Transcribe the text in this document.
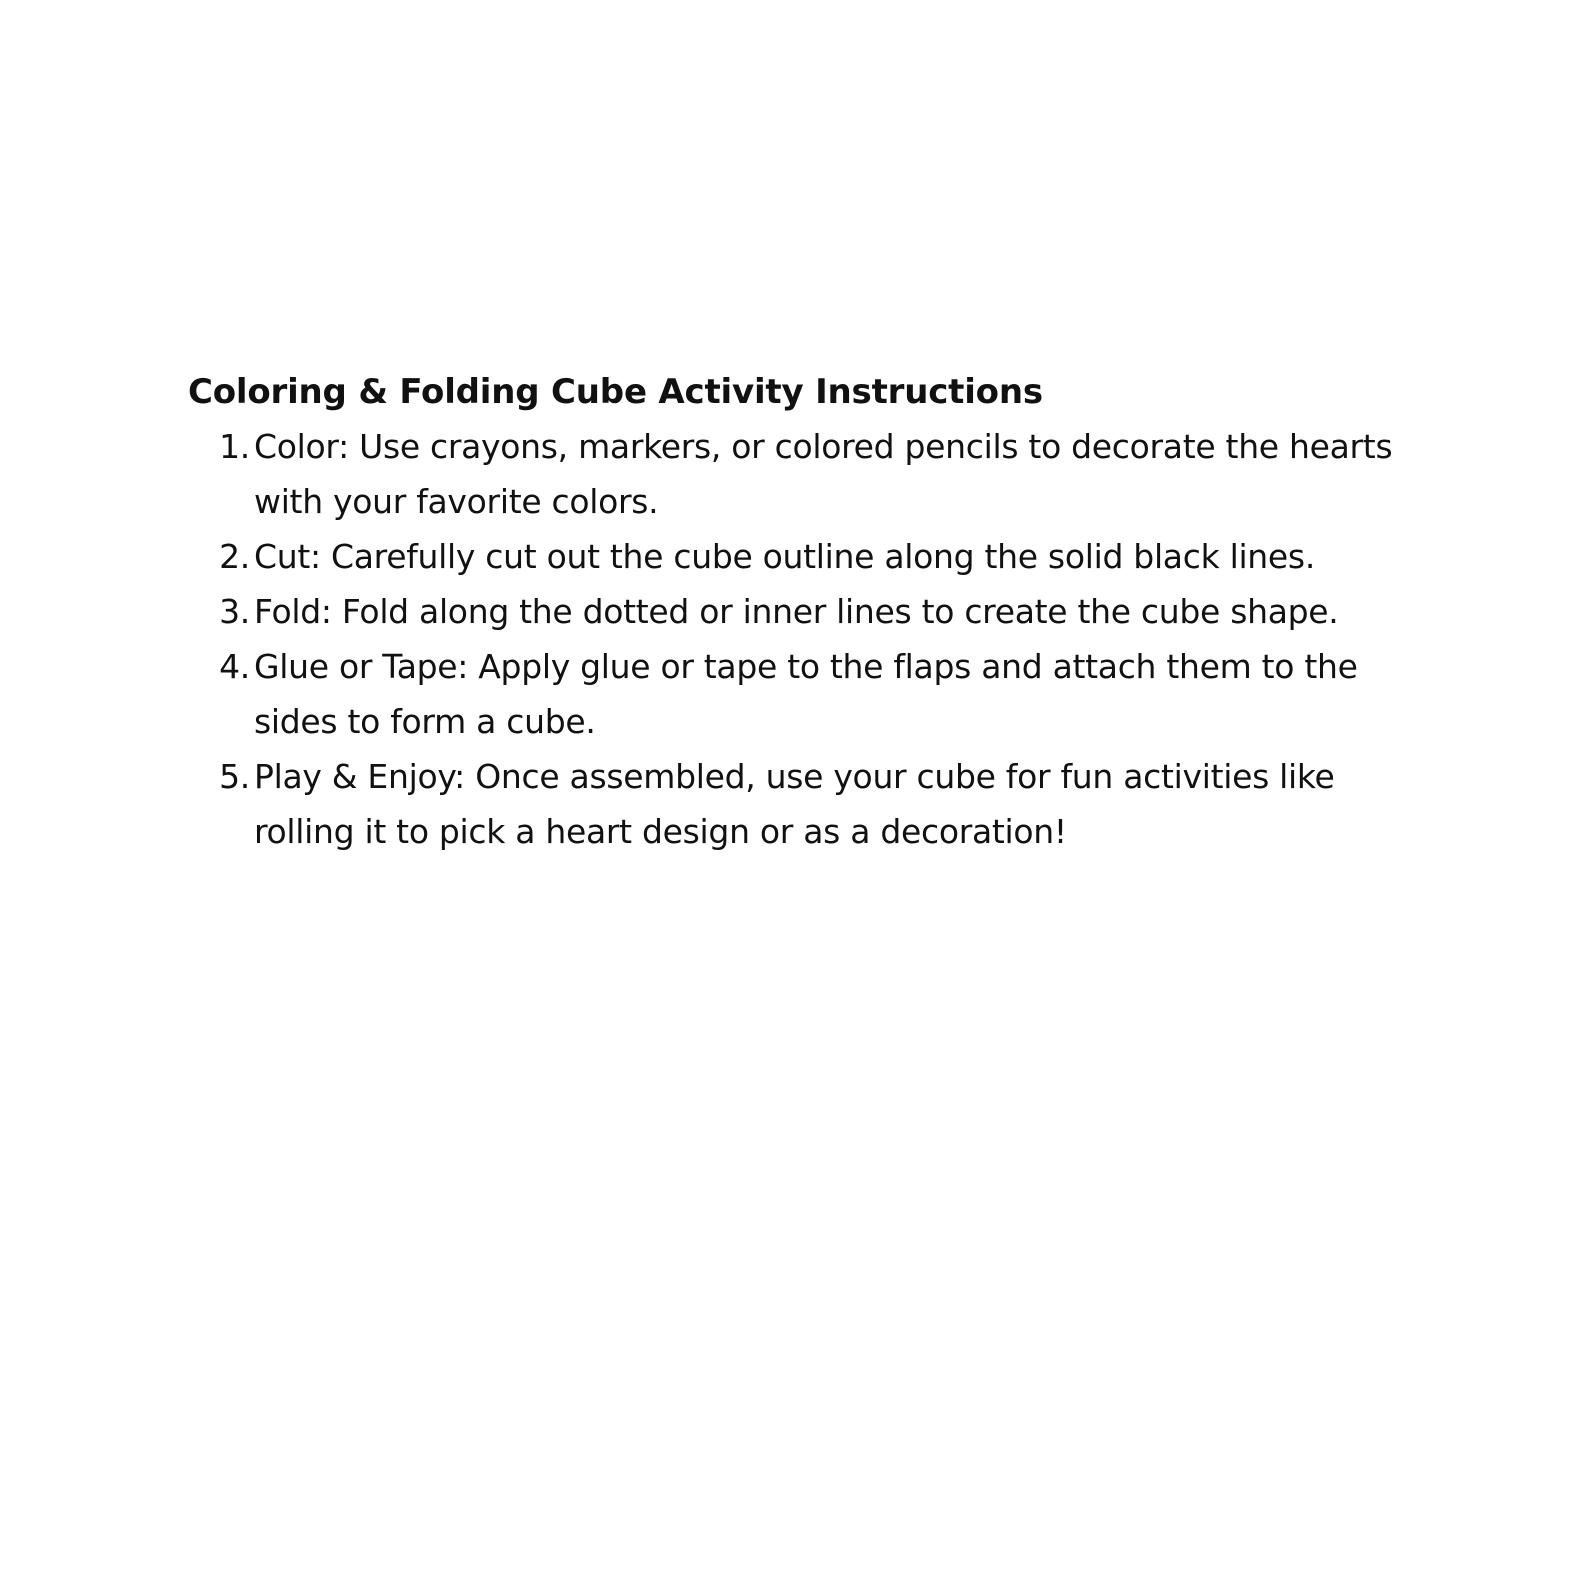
Coloring & Folding Cube Activity Instructions
1. Color: Use crayons, markers, or colored pencils to decorate the hearts with your favorite colors.
2. Cut: Carefully cut out the cube outline along the solid black lines.
3. Fold: Fold along the dotted or inner lines to create the cube shape.
4. Glue or Tape: Apply glue or tape to the flaps and attach them to the sides to form a cube.
5. Play & Enjoy: Once assembled, use your cube for fun activities like rolling it to pick a heart design or as a decoration!
